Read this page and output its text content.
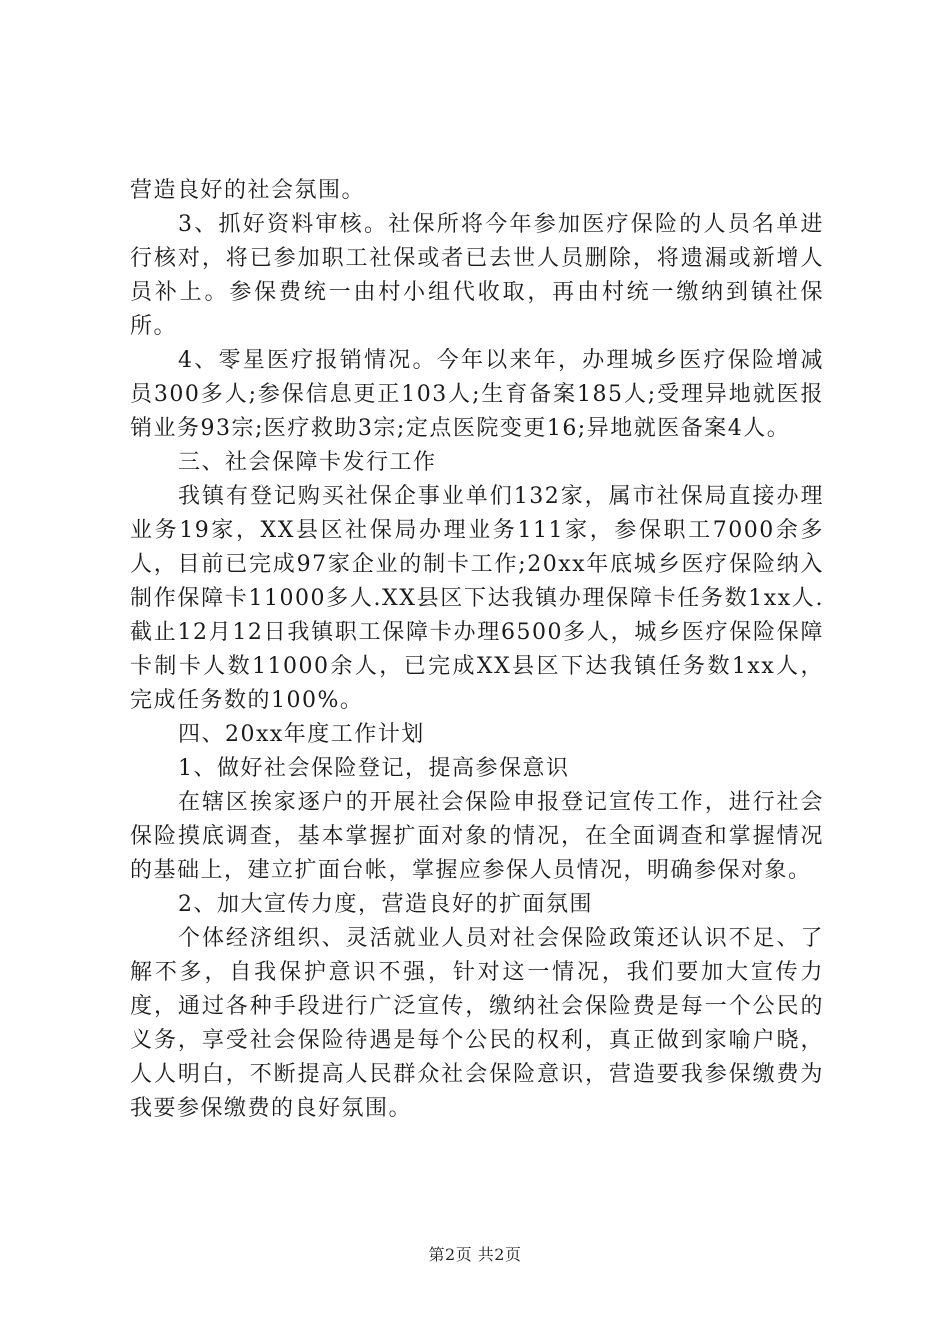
营造良好的社会氛围。

3、抓好资料审核。社保所将今年参加医疗保险的人员名单进行核对，将已参加职工社保或者已去世人员删除，将遗漏或新增人员补上。参保费统一由村小组代收取，再由村统一缴纳到镇社保所。

4、零星医疗报销情况。今年以来年，办理城乡医疗保险增减员300多人;参保信息更正103人;生育备案185人;受理异地就医报销业务93宗;医疗救助3宗;定点医院变更16;异地就医备案4人。

三、社会保障卡发行工作

我镇有登记购买社保企事业单们132家，属市社保局直接办理业务19家，XX县区社保局办理业务111家，参保职工7000余多人，目前已完成97家企业的制卡工作;20xx年底城乡医疗保险纳入制作保障卡11000多人.XX县区下达我镇办理保障卡任务数1xx人.截止12月12日我镇职工保障卡办理6500多人，城乡医疗保险保障卡制卡人数11000余人，已完成XX县区下达我镇任务数1xx人，完成任务数的100%。

四、20xx年度工作计划

1、做好社会保险登记，提高参保意识

在辖区挨家逐户的开展社会保险申报登记宣传工作，进行社会保险摸底调查，基本掌握扩面对象的情况，在全面调查和掌握情况的基础上，建立扩面台帐，掌握应参保人员情况，明确参保对象。

2、加大宣传力度，营造良好的扩面氛围

个体经济组织、灵活就业人员对社会保险政策还认识不足、了解不多，自我保护意识不强，针对这一情况，我们要加大宣传力度，通过各种手段进行广泛宣传，缴纳社会保险费是每一个公民的义务，享受社会保险待遇是每个公民的权利，真正做到家喻户晓，人人明白，不断提高人民群众社会保险意识，营造要我参保缴费为我要参保缴费的良好氛围。

第2页 共2页
